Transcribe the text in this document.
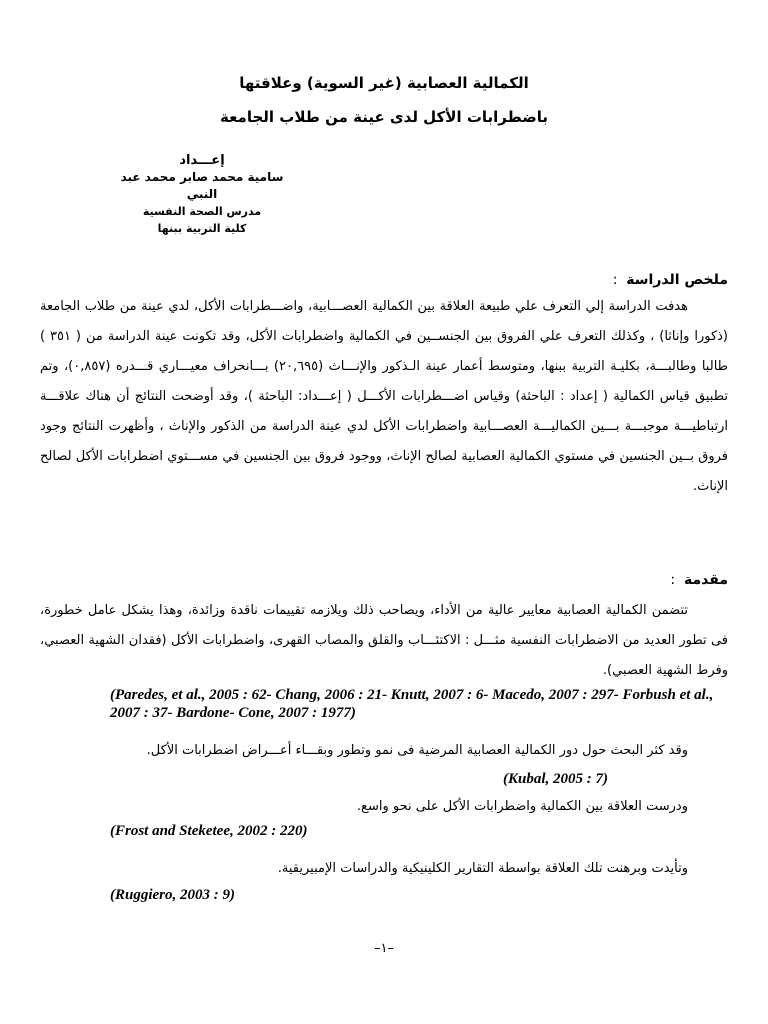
الكمالية العصابية (غير السوية) وعلاقتها
باضطرابات الأكل لدى عينة من طلاب الجامعة
إعـــداد
سامية محمد صابر محمد عبد النبي
مدرس الصحة النفسية
كلية التربية ببنها
ملخص الدراسة :
هدفت الدراسة إلي التعرف علي طبيعة العلاقة بين الكمالية العصـــابية، واضـــطرابات الأكل، لدي عينة من طلاب الجامعة (ذكورا وإناثا) ، وكذلك التعرف علي الفروق بين الجنســين في الكمالية واضطرابات الأكل، وقد تكونت عينة الدراسة من ( ٣٥١ ) طالبا وطالبـــة، بكليـة التربية ببنها، ومتوسط أعمار عينة الـذكور والإنـــاث (٢٠,٦٩٥) بـــانحراف معيـــاري قـــدره (٠,٨٥٧)، وتم تطبيق قياس الكمالية ( إعداد : الباحثة) وقياس اضـــطرابات الأكـــل ( إعـــداد: الباحثة )، وقد أوضحت النتائج أن هناك علاقـــة ارتباطيـــة موجبـــة بـــين الكماليـــة العصـــابية واضطرابات الأكل لدي عينة الدراسة من الذكور والإناث ، وأظهرت النتائج وجود فروق بــين الجنسين في مستوي الكمالية العصابية لصالح الإناث، ووجود فروق بين الجنسين في مســـتوي اضطرابات الأكل لصالح الإناث.
مقدمة :
تتضمن الكمالية العصابية معايير عالية من الأداء، ويصاحب ذلك ويلازمه تقييمات ناقدة وزائدة، وهذا يشكل عامل خطورة، فى تطور العديد من الاضطرابات النفسية مثـــل : الاكتئـــاب والقلق والمصاب القهرى، واضطرابات الأكل (فقدان الشهية العصبي، وفرط الشهية العصبي).
(Paredes, et al., 2005 : 62- Chang, 2006 : 21- Knutt, 2007 : 6- Macedo, 2007 : 297- Forbush et al., 2007 : 37- Bardone- Cone, 2007 : 1977)
وقد كثر البحث حول دور الكمالية العصابية المرضية فى نمو وتطور وبقـــاء أعـــراض اضطرابات الأكل.
(Kubal, 2005 : 7)
ودرست العلاقة بين الكمالية واضطرابات الأكل على نحو واسع.
(Frost and Steketee, 2002 : 220)
وتأيدت وبرهنت تلك العلاقة بواسطة التقارير الكلينيكية والدراسات الإمبيريقية.
(Ruggiero, 2003 : 9)
–١–
